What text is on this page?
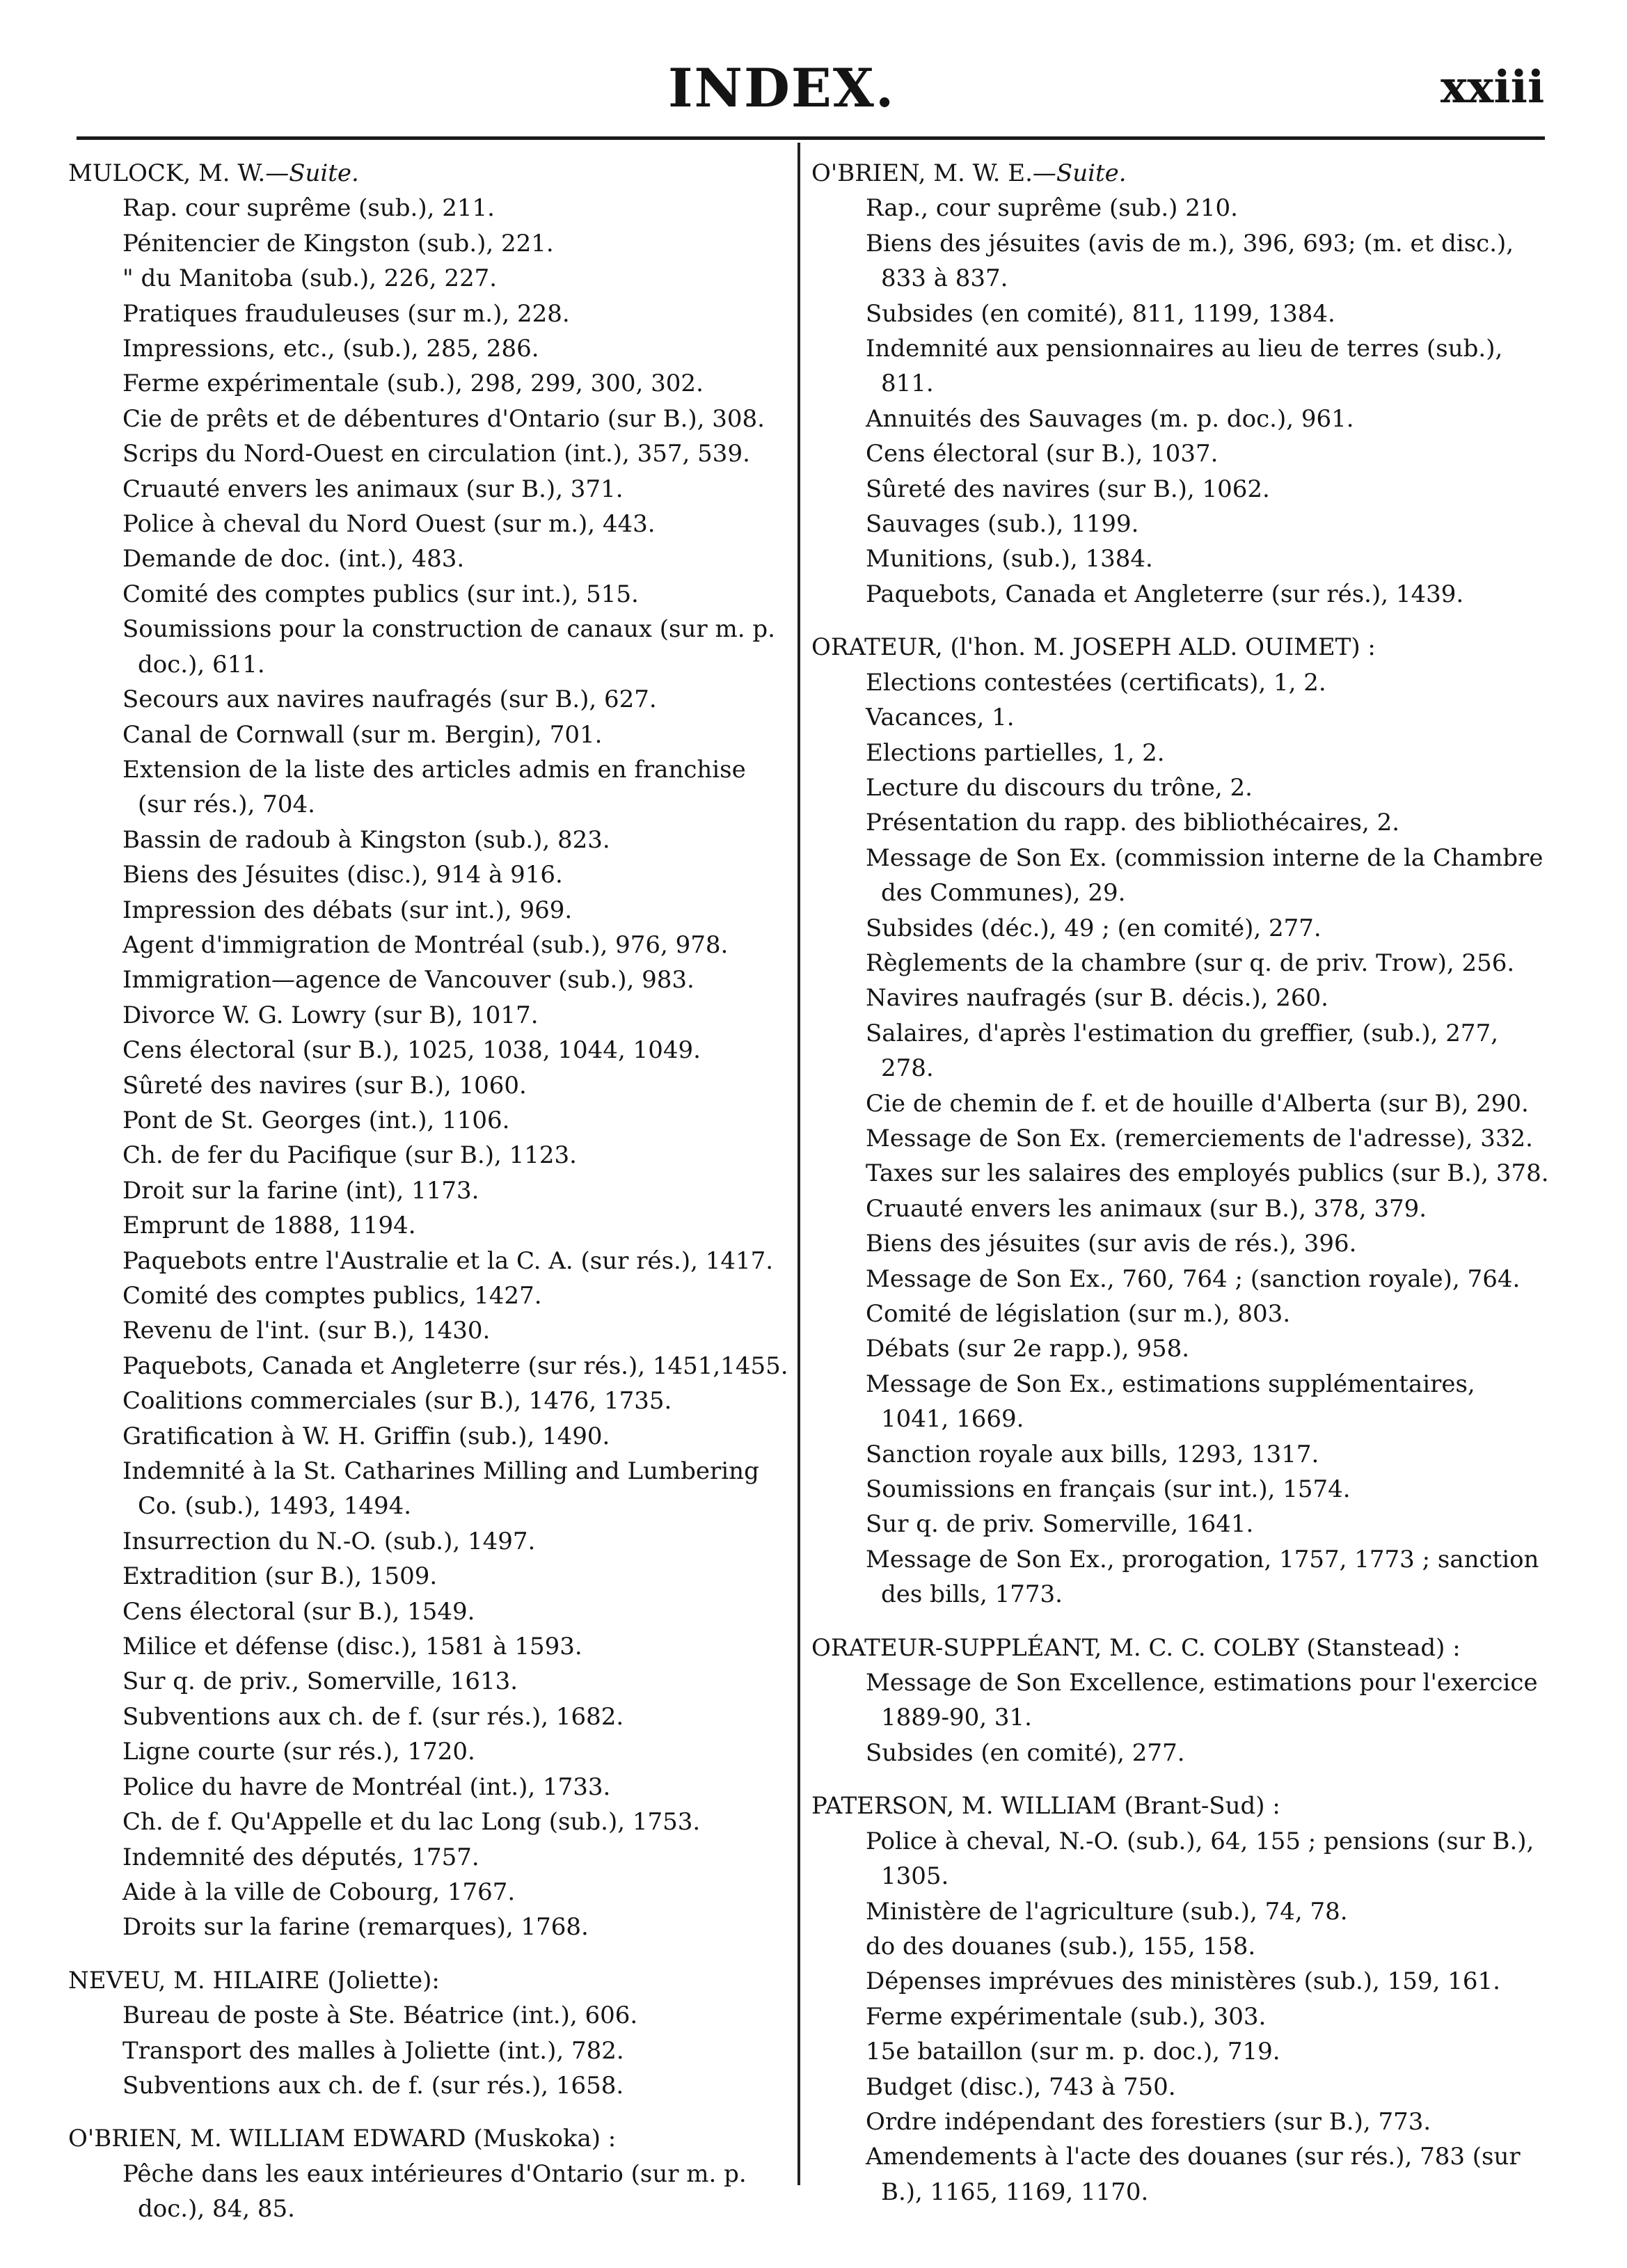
INDEX.	xxiii
MULOCK, M. W.—Suite.
Rap. cour suprême (sub.), 211.
Pénitencier de Kingston (sub.), 221.
" du Manitoba (sub.), 226, 227.
Pratiques frauduleuses (sur m.), 228.
Impressions, etc., (sub.), 285, 286.
Ferme expérimentale (sub.), 298, 299, 300, 302.
Cie de prêts et de débentures d'Ontario (sur B.), 308.
Scrips du Nord-Ouest en circulation (int.), 357, 539.
Cruauté envers les animaux (sur B.), 371.
Police à cheval du Nord Ouest (sur m.), 443.
Demande de doc. (int.), 483.
Comité des comptes publics (sur int.), 515.
Soumissions pour la construction de canaux (sur m. p. doc.), 611.
Secours aux navires naufragés (sur B.), 627.
Canal de Cornwall (sur m. Bergin), 701.
Extension de la liste des articles admis en franchise (sur rés.), 704.
Bassin de radoub à Kingston (sub.), 823.
Biens des Jésuites (disc.), 914 à 916.
Impression des débats (sur int.), 969.
Agent d'immigration de Montréal (sub.), 976, 978.
Immigration—agence de Vancouver (sub.), 983.
Divorce W. G. Lowry (sur B), 1017.
Cens électoral (sur B.), 1025, 1038, 1044, 1049.
Sûreté des navires (sur B.), 1060.
Pont de St. Georges (int.), 1106.
Ch. de fer du Pacifique (sur B.), 1123.
Droit sur la farine (int), 1173.
Emprunt de 1888, 1194.
Paquebots entre l'Australie et la C. A. (sur rés.), 1417.
Comité des comptes publics, 1427.
Revenu de l'int. (sur B.), 1430.
Paquebots, Canada et Angleterre (sur rés.), 1451,1455.
Coalitions commerciales (sur B.), 1476, 1735.
Gratification à W. H. Griffin (sub.), 1490.
Indemnité à la St. Catharines Milling and Lumbering Co. (sub.), 1493, 1494.
Insurrection du N.-O. (sub.), 1497.
Extradition (sur B.), 1509.
Cens électoral (sur B.), 1549.
Milice et défense (disc.), 1581 à 1593.
Sur q. de priv., Somerville, 1613.
Subventions aux ch. de f. (sur rés.), 1682.
Ligne courte (sur rés.), 1720.
Police du havre de Montréal (int.), 1733.
Ch. de f. Qu'Appelle et du lac Long (sub.), 1753.
Indemnité des députés, 1757.
Aide à la ville de Cobourg, 1767.
Droits sur la farine (remarques), 1768.
NEVEU, M. HILAIRE (Joliette):
Bureau de poste à Ste. Béatrice (int.), 606.
Transport des malles à Joliette (int.), 782.
Subventions aux ch. de f. (sur rés.), 1658.
O'BRIEN, M. WILLIAM EDWARD (Muskoka) :
Pêche dans les eaux intérieures d'Ontario (sur m. p. doc.), 84, 85.
O'BRIEN, M. W. E.—Suite.
Rap., cour suprême (sub.) 210.
Biens des jésuites (avis de m.), 396, 693; (m. et disc.), 833 à 837.
Subsides (en comité), 811, 1199, 1384.
Indemnité aux pensionnaires au lieu de terres (sub.), 811.
Annuités des Sauvages (m. p. doc.), 961.
Cens électoral (sur B.), 1037.
Sûreté des navires (sur B.), 1062.
Sauvages (sub.), 1199.
Munitions, (sub.), 1384.
Paquebots, Canada et Angleterre (sur rés.), 1439.
ORATEUR, (l'hon. M. JOSEPH ALD. OUIMET) :
Elections contestées (certificats), 1, 2.
Vacances, 1.
Elections partielles, 1, 2.
Lecture du discours du trône, 2.
Présentation du rapp. des bibliothécaires, 2.
Message de Son Ex. (commission interne de la Chambre des Communes), 29.
Subsides (déc.), 49 ; (en comité), 277.
Règlements de la chambre (sur q. de priv. Trow), 256.
Navires naufragés (sur B. décis.), 260.
Salaires, d'après l'estimation du greffier, (sub.), 277, 278.
Cie de chemin de f. et de houille d'Alberta (sur B), 290.
Message de Son Ex. (remerciements de l'adresse), 332.
Taxes sur les salaires des employés publics (sur B.), 378.
Cruauté envers les animaux (sur B.), 378, 379.
Biens des jésuites (sur avis de rés.), 396.
Message de Son Ex., 760, 764 ; (sanction royale), 764.
Comité de législation (sur m.), 803.
Débats (sur 2e rapp.), 958.
Message de Son Ex., estimations supplémentaires, 1041, 1669.
Sanction royale aux bills, 1293, 1317.
Soumissions en français (sur int.), 1574.
Sur q. de priv. Somerville, 1641.
Message de Son Ex., prorogation, 1757, 1773 ; sanction des bills, 1773.
ORATEUR-SUPPLÉANT, M. C. C. COLBY (Stanstead) :
Message de Son Excellence, estimations pour l'exercice 1889-90, 31.
Subsides (en comité), 277.
PATERSON, M. WILLIAM (Brant-Sud) :
Police à cheval, N.-O. (sub.), 64, 155 ; pensions (sur B.), 1305.
Ministère de l'agriculture (sub.), 74, 78.
do des douanes (sub.), 155, 158.
Dépenses imprévues des ministères (sub.), 159, 161.
Ferme expérimentale (sub.), 303.
15e bataillon (sur m. p. doc.), 719.
Budget (disc.), 743 à 750.
Ordre indépendant des forestiers (sur B.), 773.
Amendements à l'acte des douanes (sur rés.), 783 (sur B.), 1165, 1169, 1170.
